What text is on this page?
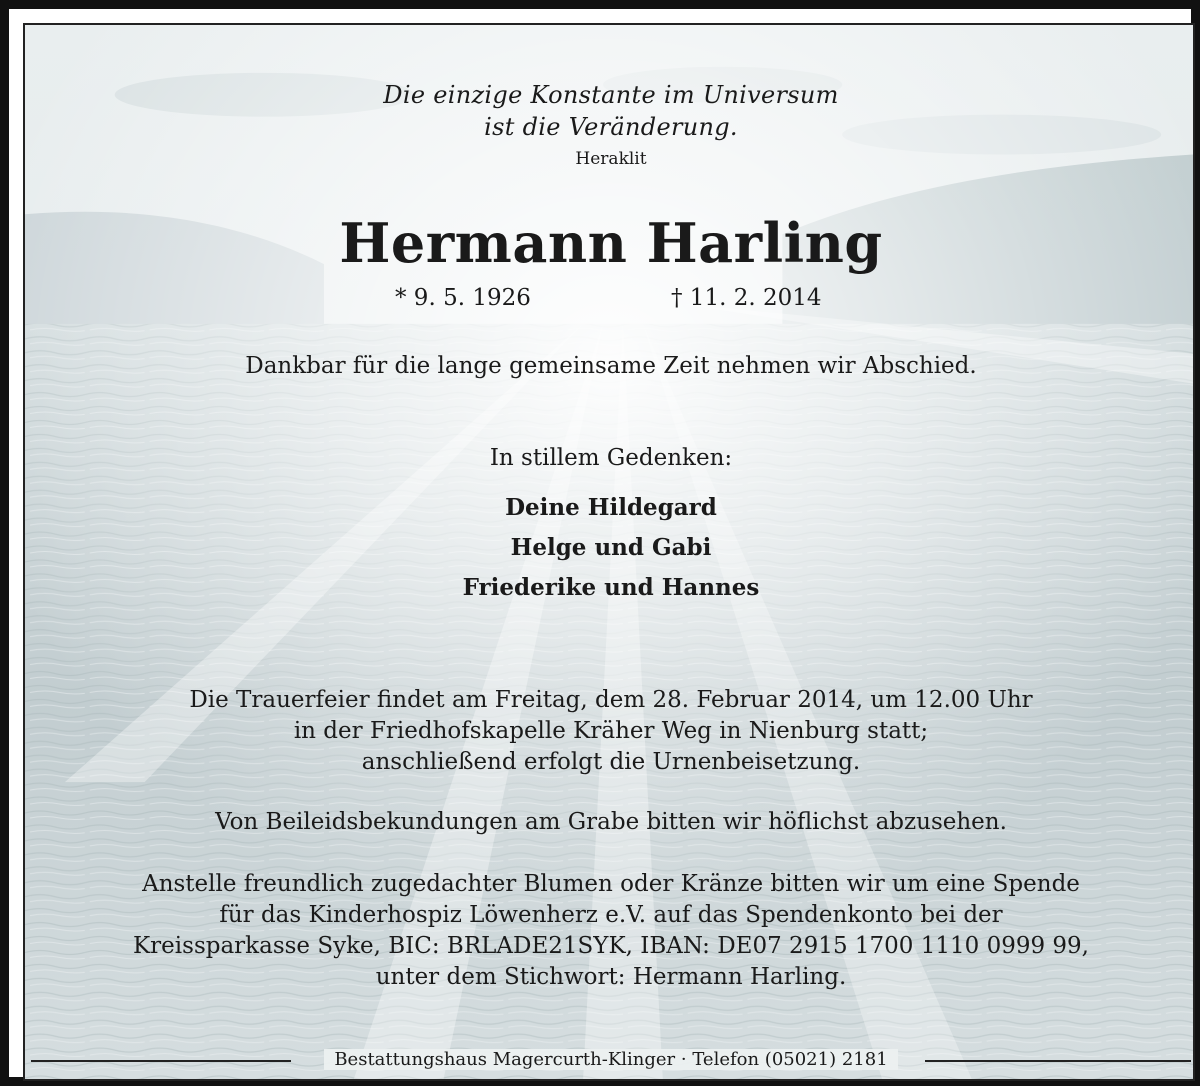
Die einzige Konstante im Universum
ist die Veränderung.
Heraklit
Hermann Harling
* 9. 5. 1926	† 11. 2. 2014
Dankbar für die lange gemeinsame Zeit nehmen wir Abschied.
In stillem Gedenken:
Deine Hildegard
Helge und Gabi
Friederike und Hannes
Die Trauerfeier findet am Freitag, dem 28. Februar 2014, um 12.00 Uhr
in der Friedhofskapelle Kräher Weg in Nienburg statt;
anschließend erfolgt die Urnenbeisetzung.
Von Beileidsbekundungen am Grabe bitten wir höflichst abzusehen.
Anstelle freundlich zugedachter Blumen oder Kränze bitten wir um eine Spende
für das Kinderhospiz Löwenherz e.V. auf das Spendenkonto bei der
Kreissparkasse Syke, BIC: BRLADE21SYK, IBAN: DE07 2915 1700 1110 0999 99,
unter dem Stichwort: Hermann Harling.
Bestattungshaus Magercurth-Klinger · Telefon (05021) 2181
